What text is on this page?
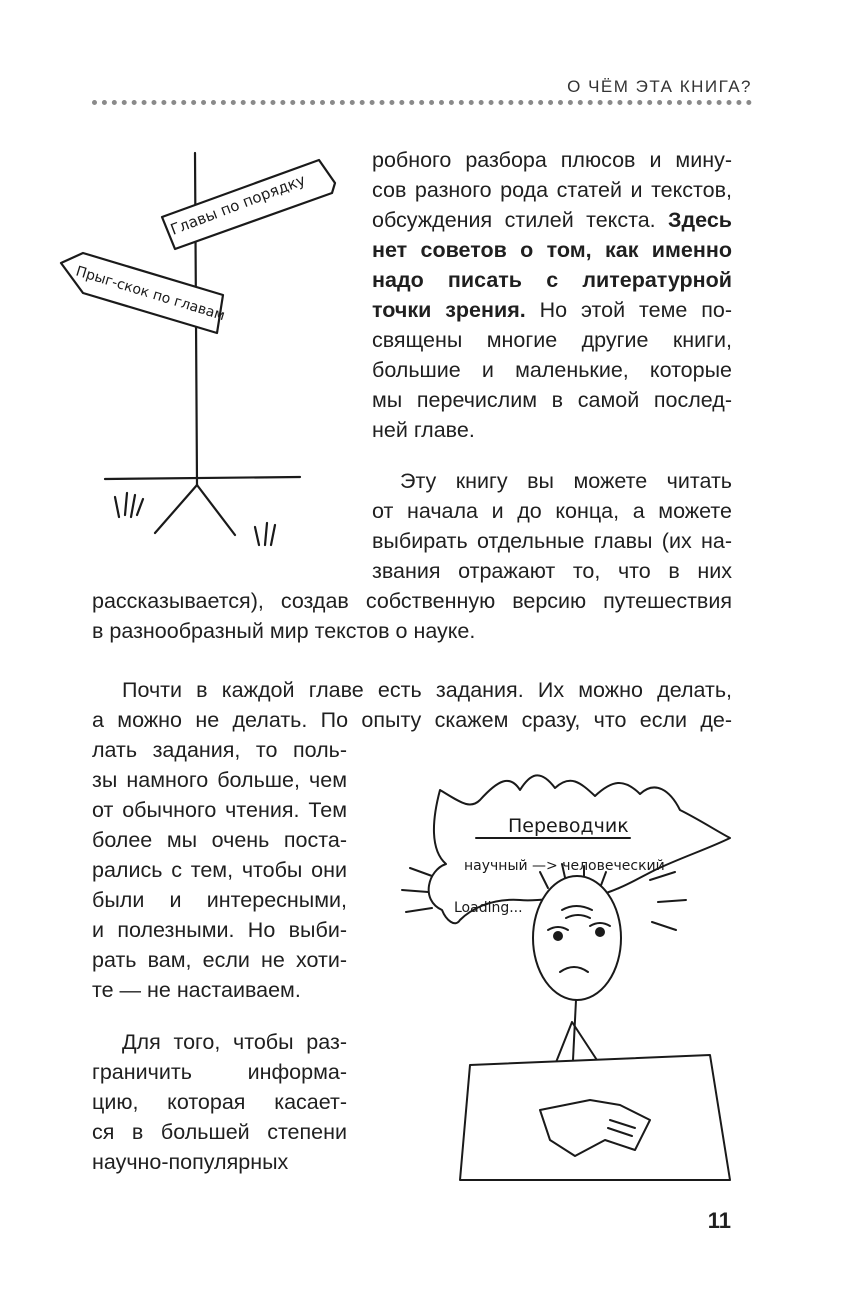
О ЧЁМ ЭТА КНИГА?
Главы по порядку
Прыг-скок по главам
робного разбора плюсов и мину-
сов разного рода статей и текстов,
обсуждения стилей текста. Здесь
нет советов о том, как именно
надо писать с литературной
точки зрения. Но этой теме по-
священы многие другие книги,
большие и маленькие, которые
мы перечислим в самой послед-
ней главе.
Эту книгу вы можете читать
от начала и до конца, а можете
выбирать отдельные главы (их на-
звания отражают то, что в них
рассказывается), создав собственную версию путешествия
в разнообразный мир текстов о науке.
Почти в каждой главе есть задания. Их можно делать,
а можно не делать. По опыту скажем сразу, что если де-
лать задания, то поль-
зы намного больше, чем
от обычного чтения. Тем
более мы очень поста-
рались с тем, чтобы они
были и интересными,
и полезными. Но выби-
рать вам, если не хоти-
те — не настаиваем.
Для того, чтобы раз-
граничить информа-
цию, которая касает-
ся в большей степени
научно-популярных
Переводчик
научный —> человеческий
Loading...
11
